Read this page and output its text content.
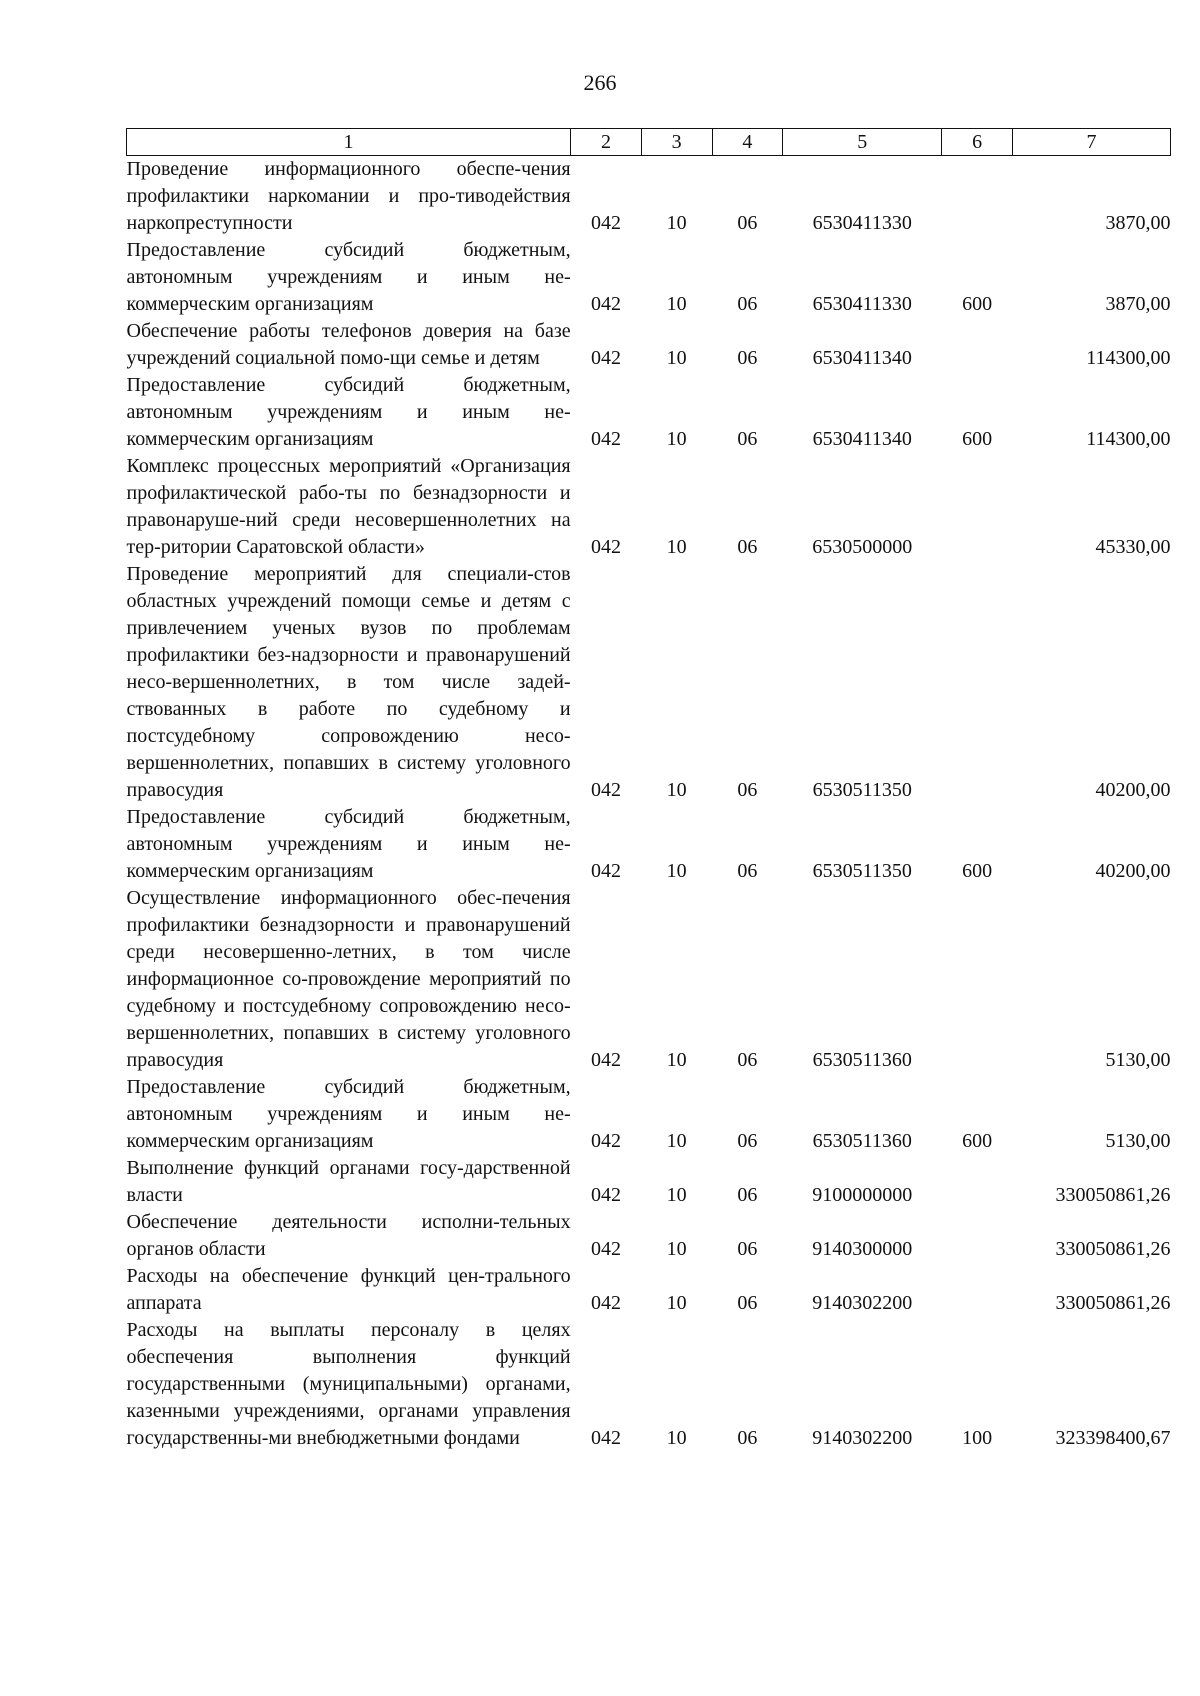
266
1	2	3	4	5	6	7
Проведение информационного обеспе-чения профилактики наркомании и про-тиводействия наркопреступности	042	10	06	6530411330		3870,00
Предоставление субсидий бюджетным, автономным учреждениям и иным не-коммерческим организациям	042	10	06	6530411330	600	3870,00
Обеспечение работы телефонов доверия на базе учреждений социальной помо-щи семье и детям	042	10	06	6530411340		114300,00
Предоставление субсидий бюджетным, автономным учреждениям и иным не-коммерческим организациям	042	10	06	6530411340	600	114300,00
Комплекс процессных мероприятий «Организация профилактической рабо-ты по безнадзорности и правонаруше-ний среди несовершеннолетних на тер-ритории Саратовской области»	042	10	06	6530500000		45330,00
Проведение мероприятий для специали-стов областных учреждений помощи семье и детям с привлечением ученых вузов по проблемам профилактики без-надзорности и правонарушений несо-вершеннолетних, в том числе задей-ствованных в работе по судебному и постсудебному сопровождению несо-вершеннолетних, попавших в систему уголовного правосудия	042	10	06	6530511350		40200,00
Предоставление субсидий бюджетным, автономным учреждениям и иным не-коммерческим организациям	042	10	06	6530511350	600	40200,00
Осуществление информационного обес-печения профилактики безнадзорности и правонарушений среди несовершенно-летних, в том числе информационное со-провождение мероприятий по судебному и постсудебному сопровождению несо-вершеннолетних, попавших в систему уголовного правосудия	042	10	06	6530511360		5130,00
Предоставление субсидий бюджетным, автономным учреждениям и иным не-коммерческим организациям	042	10	06	6530511360	600	5130,00
Выполнение функций органами госу-дарственной власти	042	10	06	9100000000		330050861,26
Обеспечение деятельности исполни-тельных органов области	042	10	06	9140300000		330050861,26
Расходы на обеспечение функций цен-трального аппарата	042	10	06	9140302200		330050861,26
Расходы на выплаты персоналу в целях обеспечения выполнения функций государственными (муниципальными) органами, казенными учреждениями, органами управления государственны-ми внебюджетными фондами	042	10	06	9140302200	100	323398400,67
